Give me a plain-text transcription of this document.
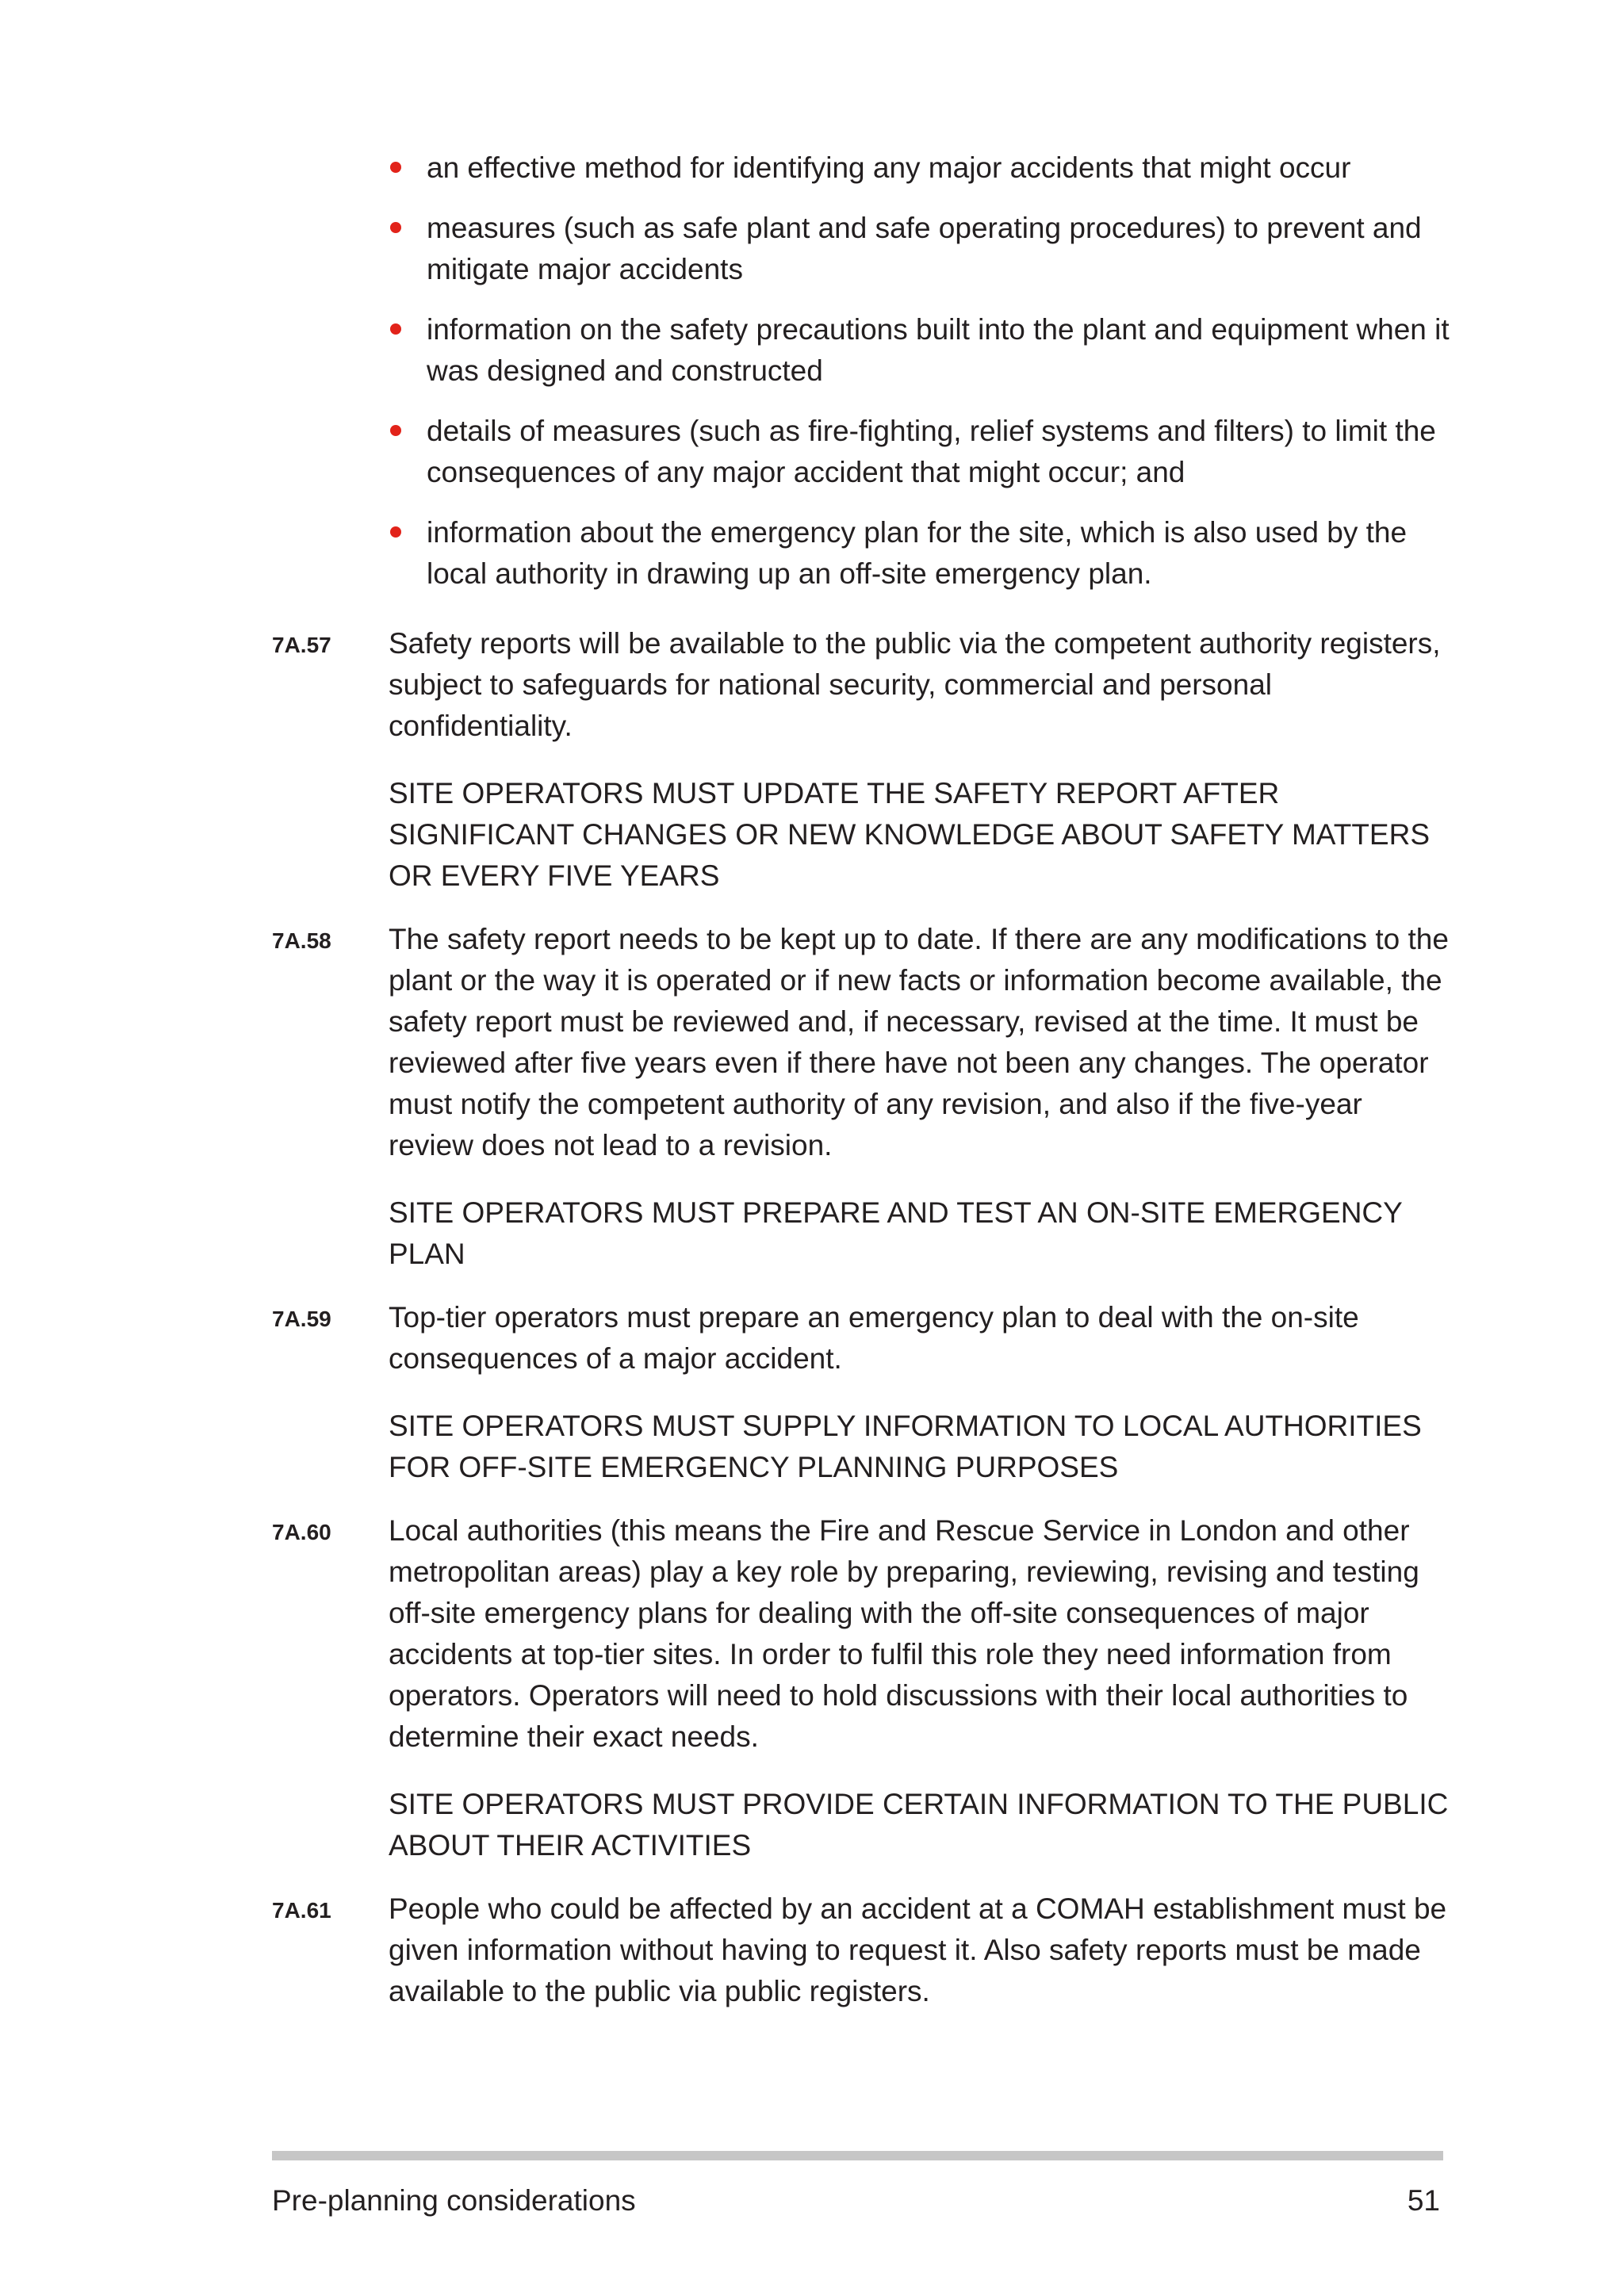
an effective method for identifying any major accidents that might occur
measures (such as safe plant and safe operating procedures) to prevent and mitigate major accidents
information on the safety precautions built into the plant and equipment when it was designed and constructed
details of measures (such as fire-fighting, relief systems and filters) to limit the consequences of any major accident that might occur; and
information about the emergency plan for the site, which is also used by the local authority in drawing up an off-site emergency plan.
7A.57 Safety reports will be available to the public via the competent authority registers, subject to safeguards for national security, commercial and personal confidentiality.
SITE OPERATORS MUST UPDATE THE SAFETY REPORT AFTER SIGNIFICANT CHANGES OR NEW KNOWLEDGE ABOUT SAFETY MATTERS OR EVERY FIVE YEARS
7A.58 The safety report needs to be kept up to date. If there are any modifications to the plant or the way it is operated or if new facts or information become available, the safety report must be reviewed and, if necessary, revised at the time. It must be reviewed after five years even if there have not been any changes. The operator must notify the competent authority of any revision, and also if the five-year review does not lead to a revision.
SITE OPERATORS MUST PREPARE AND TEST AN ON-SITE EMERGENCY PLAN
7A.59 Top-tier operators must prepare an emergency plan to deal with the on-site consequences of a major accident.
SITE OPERATORS MUST SUPPLY INFORMATION TO LOCAL AUTHORITIES FOR OFF-SITE EMERGENCY PLANNING PURPOSES
7A.60 Local authorities (this means the Fire and Rescue Service in London and other metropolitan areas) play a key role by preparing, reviewing, revising and testing off-site emergency plans for dealing with the off-site consequences of major accidents at top-tier sites. In order to fulfil this role they need information from operators. Operators will need to hold discussions with their local authorities to determine their exact needs.
SITE OPERATORS MUST PROVIDE CERTAIN INFORMATION TO THE PUBLIC ABOUT THEIR ACTIVITIES
7A.61 People who could be affected by an accident at a COMAH establishment must be given information without having to request it. Also safety reports must be made available to the public via public registers.
Pre-planning considerations	51
